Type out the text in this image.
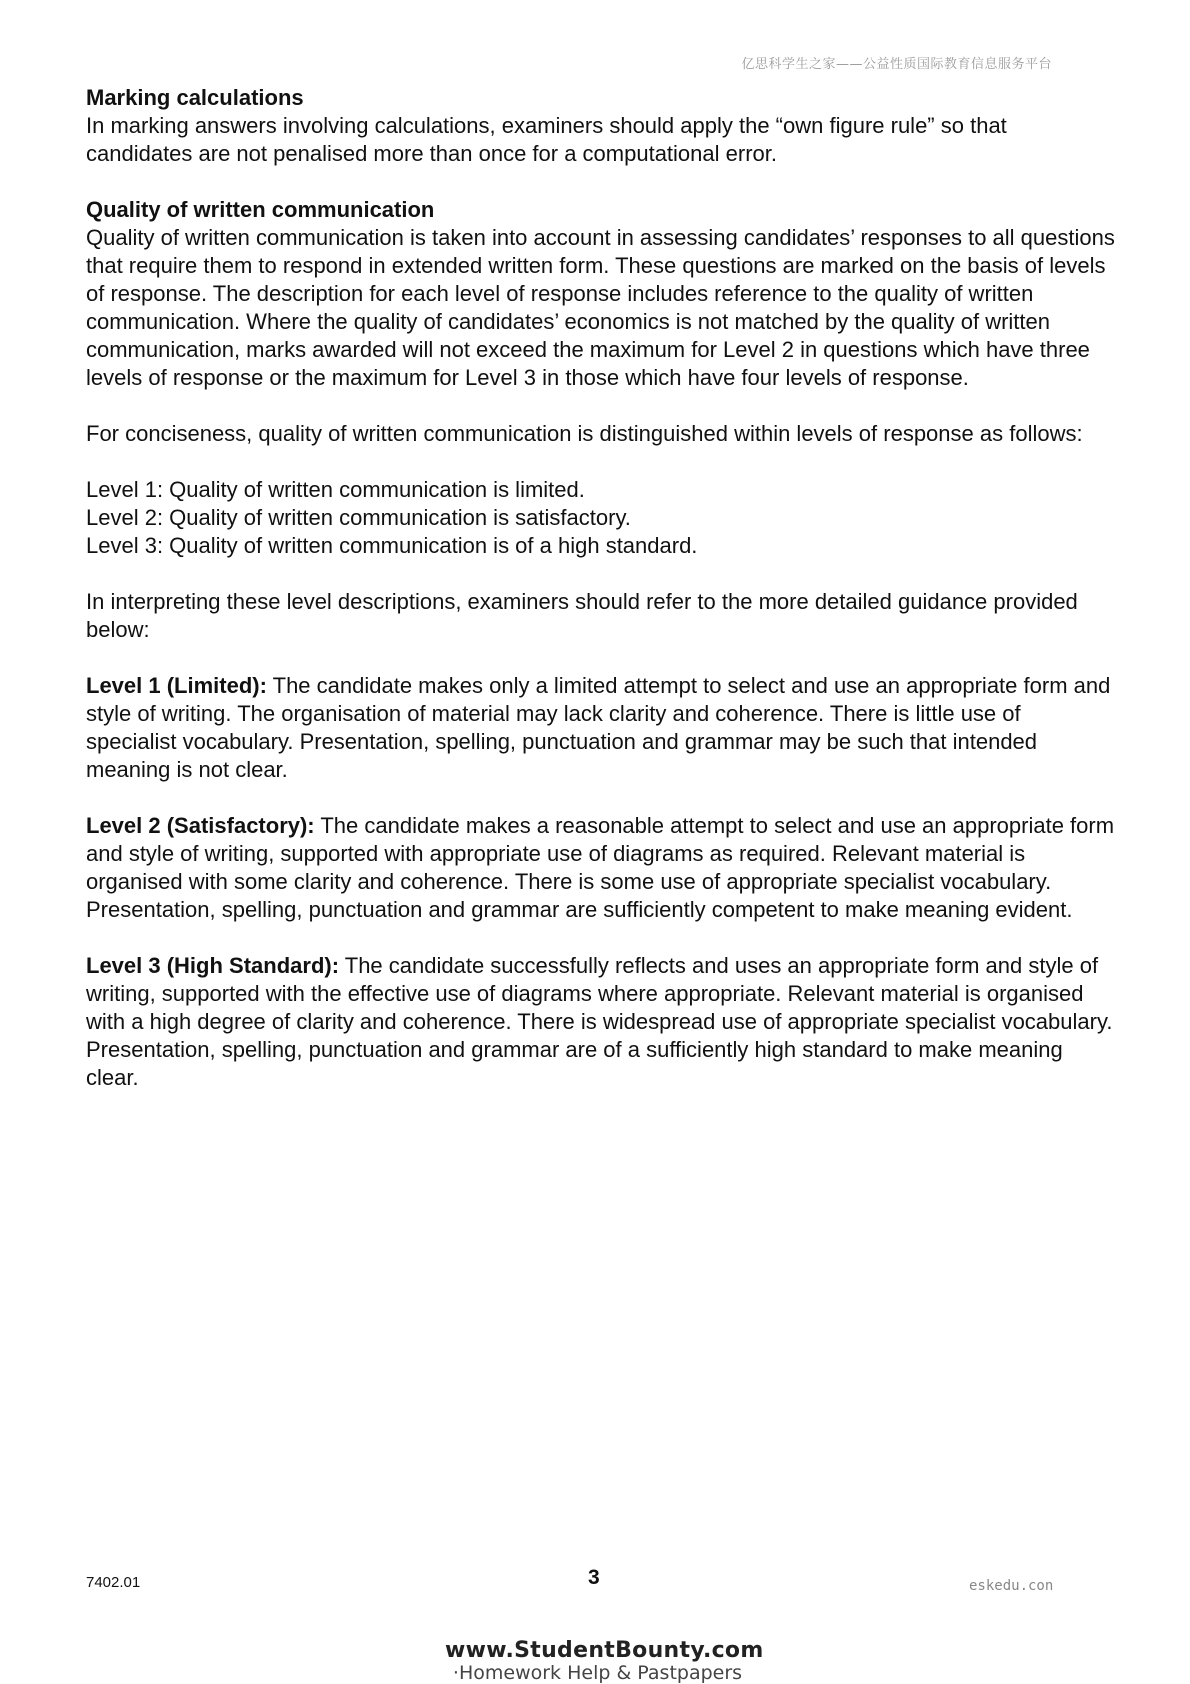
亿思科学生之家——公益性质国际教育信息服务平台

Marking calculations
In marking answers involving calculations, examiners should apply the “own figure rule” so that candidates are not penalised more than once for a computational error.

Quality of written communication
Quality of written communication is taken into account in assessing candidates’ responses to all questions that require them to respond in extended written form. These questions are marked on the basis of levels of response. The description for each level of response includes reference to the quality of written communication. Where the quality of candidates’ economics is not matched by the quality of written communication, marks awarded will not exceed the maximum for Level 2 in questions which have three levels of response or the maximum for Level 3 in those which have four levels of response.

For conciseness, quality of written communication is distinguished within levels of response as follows:

Level 1: Quality of written communication is limited.
Level 2: Quality of written communication is satisfactory.
Level 3: Quality of written communication is of a high standard.

In interpreting these level descriptions, examiners should refer to the more detailed guidance provided below:

Level 1 (Limited): The candidate makes only a limited attempt to select and use an appropriate form and style of writing. The organisation of material may lack clarity and coherence. There is little use of specialist vocabulary. Presentation, spelling, punctuation and grammar may be such that intended meaning is not clear.

Level 2 (Satisfactory): The candidate makes a reasonable attempt to select and use an appropriate form and style of writing, supported with appropriate use of diagrams as required. Relevant material is organised with some clarity and coherence. There is some use of appropriate specialist vocabulary. Presentation, spelling, punctuation and grammar are sufficiently competent to make meaning evident.

Level 3 (High Standard): The candidate successfully reflects and uses an appropriate form and style of writing, supported with the effective use of diagrams where appropriate. Relevant material is organised with a high degree of clarity and coherence. There is widespread use of appropriate specialist vocabulary. Presentation, spelling, punctuation and grammar are of a sufficiently high standard to make meaning clear.

7402.01	3	eskedu.con
www.StudentBounty.com
·Homework Help & Pastpapers
